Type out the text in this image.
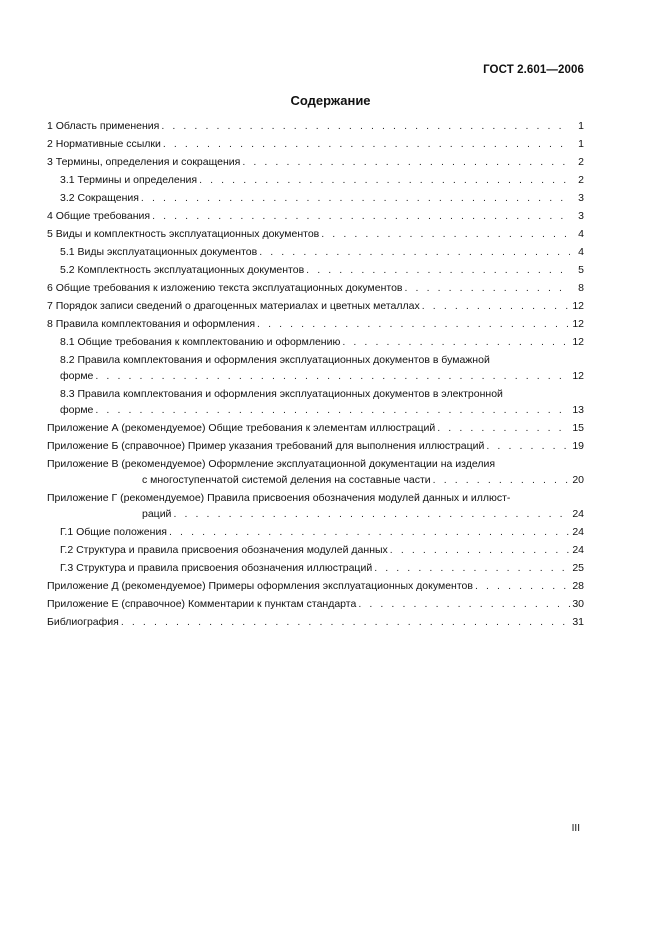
ГОСТ 2.601—2006
Содержание
1 Область применения . . .	1
2 Нормативные ссылки . . .	1
3 Термины, определения и сокращения . . .	2
3.1 Термины и определения . . .	2
3.2 Сокращения . . .	3
4 Общие требования . . .	3
5 Виды и комплектность эксплуатационных документов . . .	4
5.1 Виды эксплуатационных документов . . .	4
5.2 Комплектность эксплуатационных документов . . .	5
6 Общие требования к изложению текста эксплуатационных документов . . .	8
7 Порядок записи сведений о драгоценных материалах и цветных металлах . . .	12
8 Правила комплектования и оформления . . .	12
8.1 Общие требования к комплектованию и оформлению . . .	12
8.2 Правила комплектования и оформления эксплуатационных документов в бумажной
форме . . .	12
8.3 Правила комплектования и оформления эксплуатационных документов в электронной
форме . . .	13
Приложение А (рекомендуемое) Общие требования к элементам иллюстраций . . .	15
Приложение Б (справочное) Пример указания требований для выполнения иллюстраций . . .	19
Приложение В (рекомендуемое) Оформление эксплуатационной документации на изделия
с многоступенчатой системой деления на составные части . . .	20
Приложение Г (рекомендуемое) Правила присвоения обозначения модулей данных и иллюст-
раций . . .	24
Г.1 Общие положения . . .	24
Г.2 Структура и правила присвоения обозначения модулей данных . . .	24
Г.3 Структура и правила присвоения обозначения иллюстраций . . .	25
Приложение Д (рекомендуемое) Примеры оформления эксплуатационных документов . . .	28
Приложение Е (справочное) Комментарии к пунктам стандарта . . .	30
Библиография . . .	31
III
